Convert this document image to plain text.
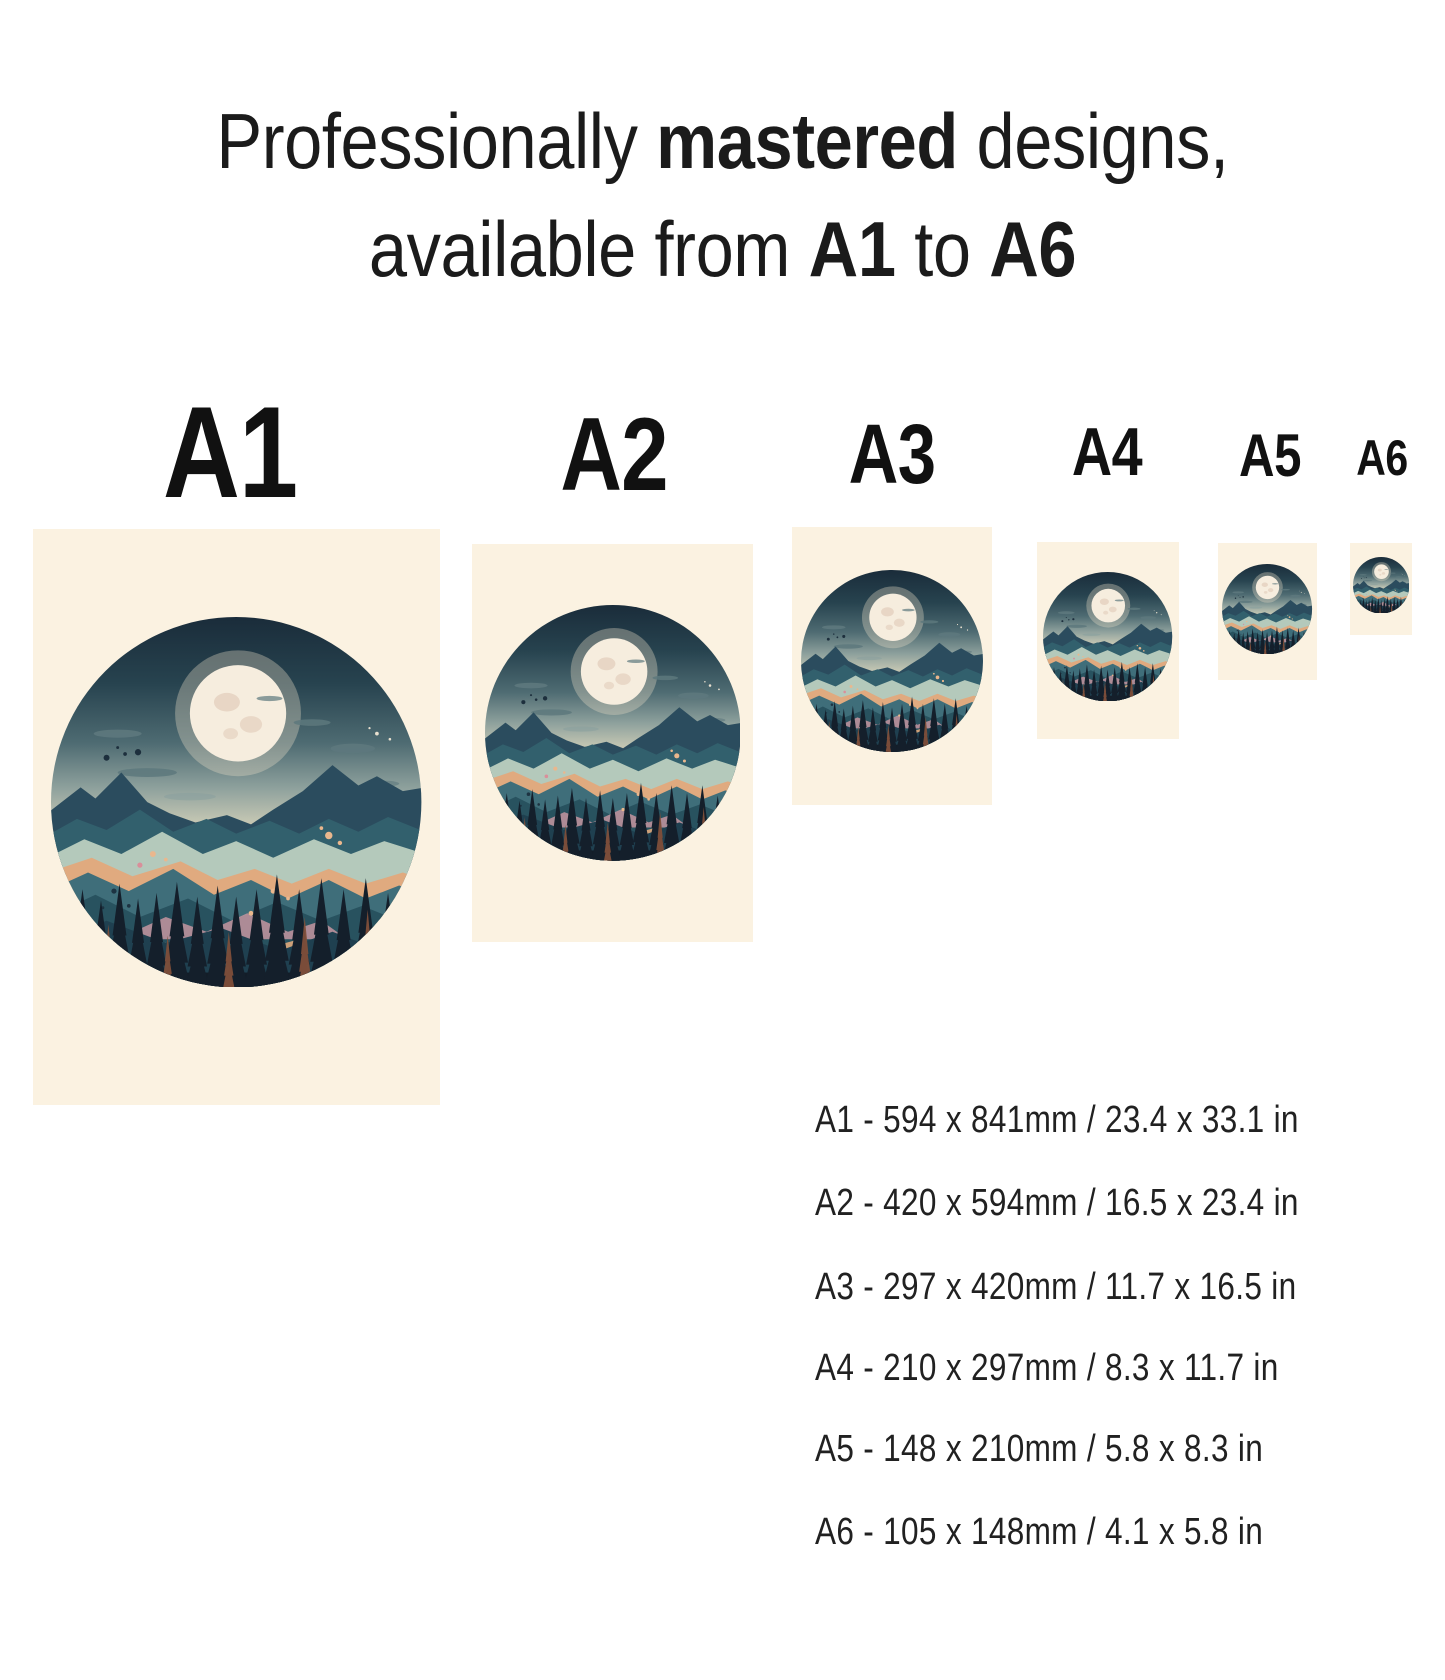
Professionally mastered designs,
available from A1 to A6
A1	A2 A3 A4 A5 A6
A1 - 594 x 841mm / 23.4 x 33.1 in
A2 - 420 x 594mm / 16.5 x 23.4 in
A3 - 297 x 420mm / 11.7 x 16.5 in
A4 - 210 x 297mm / 8.3 x 11.7 in
A5 - 148 x 210mm / 5.8 x 8.3 in
A6 - 105 x 148mm / 4.1 x 5.8 in
